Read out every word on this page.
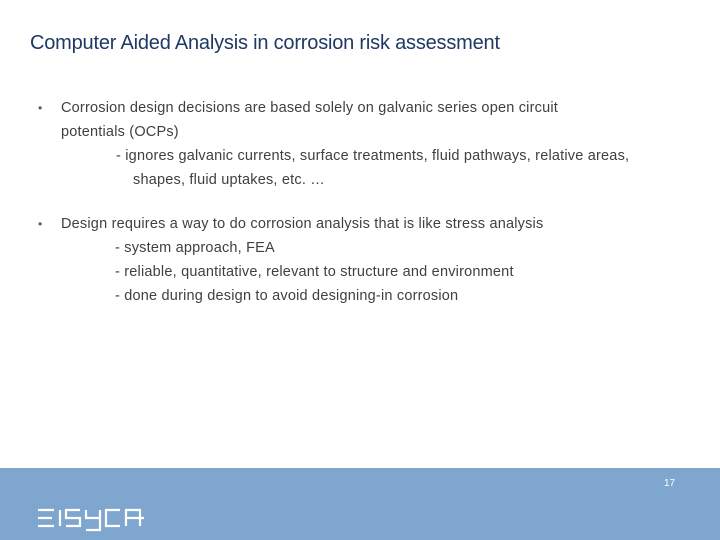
Computer Aided Analysis in corrosion risk assessment
• Corrosion design decisions are based solely on galvanic series open circuit potentials (OCPs)
- ignores galvanic currents, surface treatments, fluid pathways, relative areas, shapes, fluid uptakes, etc. …
• Design requires a way to do corrosion analysis that is like stress analysis
- system approach, FEA
- reliable, quantitative, relevant to structure and environment
- done during design to avoid designing-in corrosion
17
